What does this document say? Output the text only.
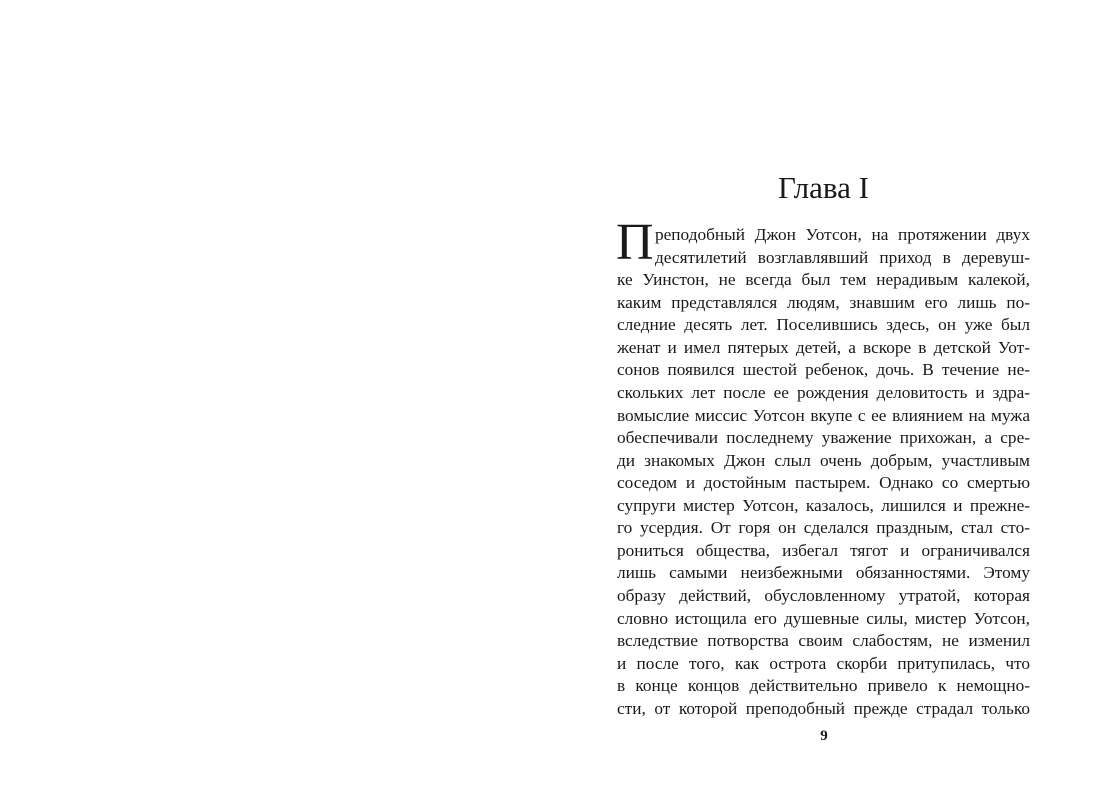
Глава I
П реподобный Джон Уотсон, на протяжении двух
десятилетий возглавлявший приход в деревуш-
ке Уинстон, не всегда был тем нерадивым калекой,
каким представлялся людям, знавшим его лишь по-
следние десять лет. Поселившись здесь, он уже был
женат и имел пятерых детей, а вскоре в детской Уот-
сонов появился шестой ребенок, дочь. В течение не-
скольких лет после ее рождения деловитость и здра-
вомыслие миссис Уотсон вкупе с ее влиянием на мужа
обеспечивали последнему уважение прихожан, а сре-
ди знакомых Джон слыл очень добрым, участливым
соседом и достойным пастырем. Однако со смертью
супруги мистер Уотсон, казалось, лишился и прежне-
го усердия. От горя он сделался праздным, стал сто-
рониться общества, избегал тягот и ограничивался
лишь самыми неизбежными обязанностями. Этому
образу действий, обусловленному утратой, которая
словно истощила его душевные силы, мистер Уотсон,
вследствие потворства своим слабостям, не изменил
и после того, как острота скорби притупилась, что
в конце концов действительно привело к немощно-
сти, от которой преподобный прежде страдал только
9
